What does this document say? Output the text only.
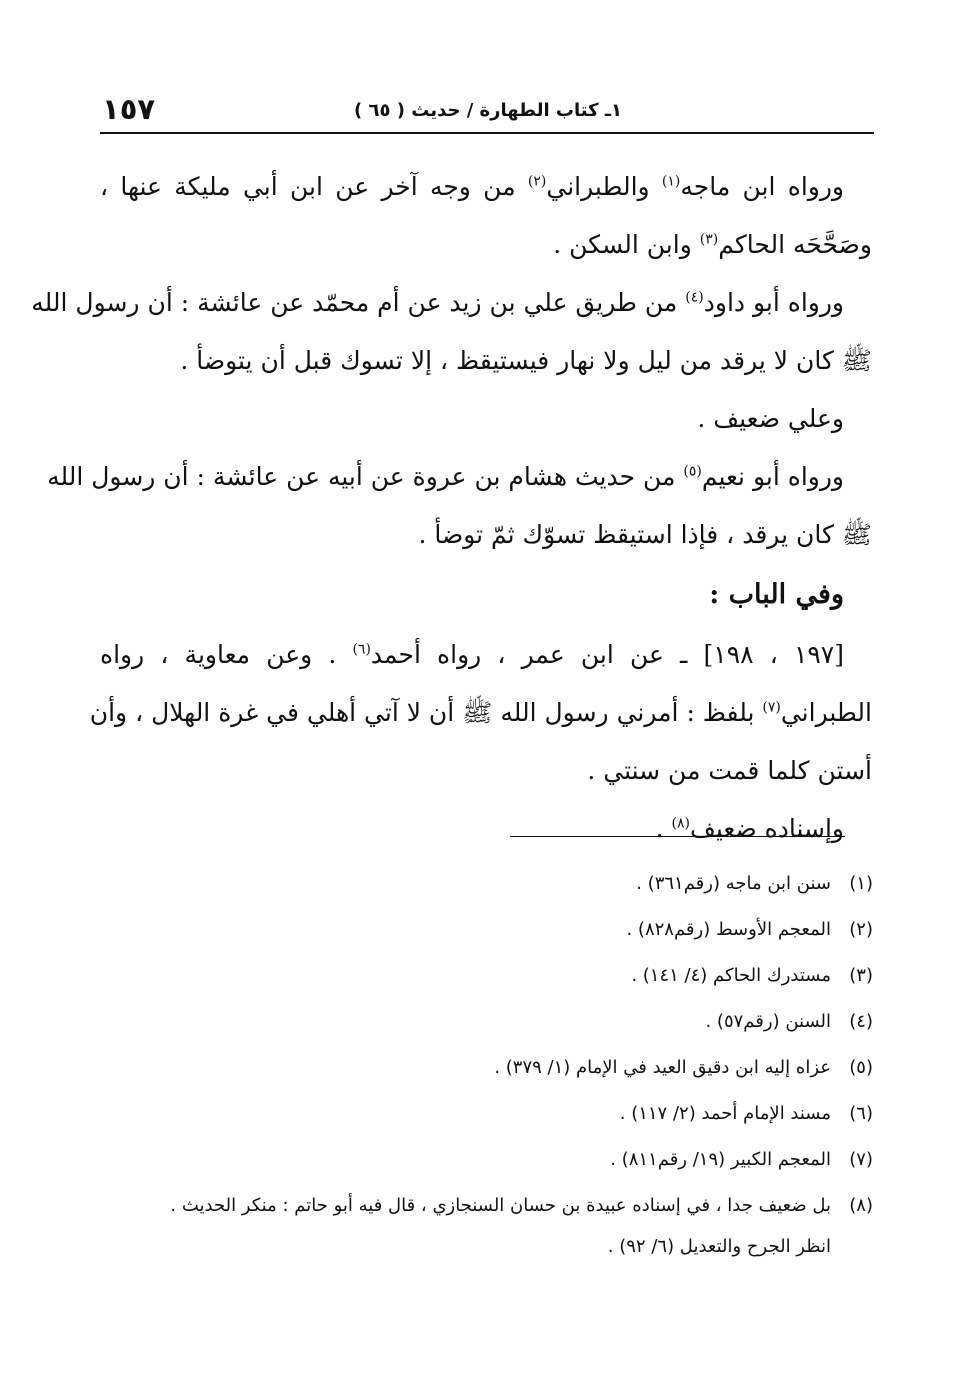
١٥٧	١ـ كتاب الطهارة / حديث ( ٦٥ )
ورواه ابن ماجه$^{(١)}$ والطبراني$^{(٢)}$ من وجه آخر عن ابن أبي مليكة عنها ،
وصَحَّحَه الحاكم$^{(٣)}$ وابن السكن .
ورواه أبو داود$^{(٤)}$ من طريق علي بن زيد عن أم محمّد عن عائشة : أن رسول الله
ﷺ كان لا يرقد من ليل ولا نهار فيستيقظ ، إلا تسوك قبل أن يتوضأ .
وعلي ضعيف .
ورواه أبو نعيم$^{(٥)}$ من حديث هشام بن عروة عن أبيه عن عائشة : أن رسول الله
ﷺ كان يرقد ، فإذا استيقظ تسوّك ثمّ توضأ .
وفي الباب :
[١٩٧ ، ١٩٨] ـ عن ابن عمر ، رواه أحمد$^{(٦)}$ . وعن معاوية ، رواه
الطبراني$^{(٧)}$ بلفظ : أمرني رسول الله ﷺ أن لا آتي أهلي في غرة الهلال ، وأن
أستن كلما قمت من سنتي .
وإسناده ضعيف$^{(٨)}$ .
(١)سنن ابن ماجه (رقم٣٦١) .
(٢)المعجم الأوسط (رقم٨٢٨) .
(٣)مستدرك الحاكم (٤/ ١٤١) .
(٤)السنن (رقم٥٧) .
(٥)عزاه إليه ابن دقيق العيد في الإمام (١/ ٣٧٩) .
(٦)مسند الإمام أحمد (٢/ ١١٧) .
(٧)المعجم الكبير (١٩/ رقم٨١١) .
(٨)بل ضعيف جدا ، في إسناده عبيدة بن حسان السنجازي ، قال فيه أبو حاتم : منكر الحديث .
انظر الجرح والتعديل (٦/ ٩٢) .
